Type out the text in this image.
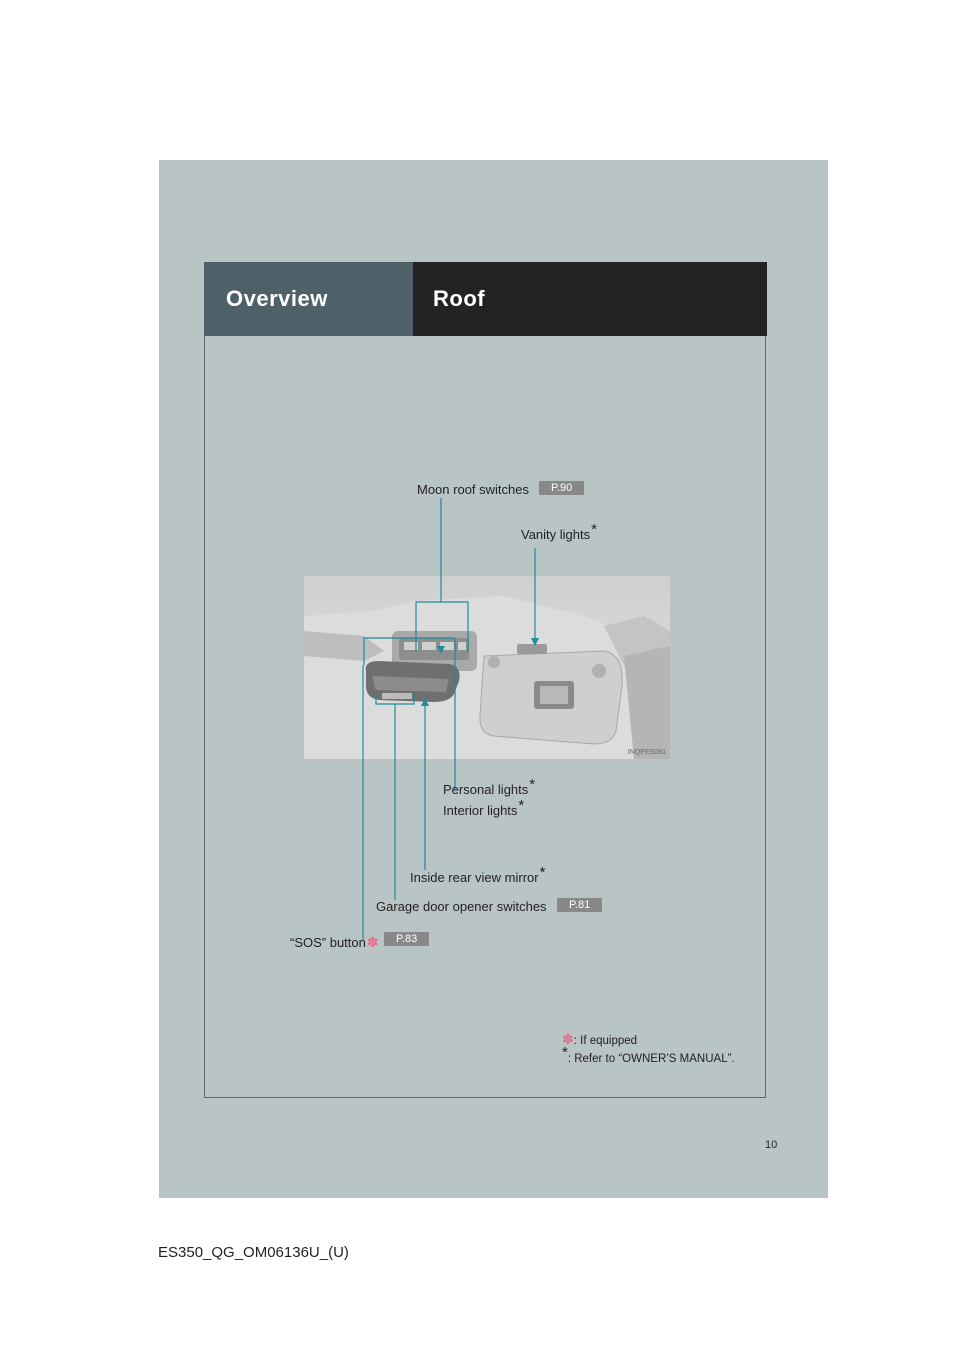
Overview	Roof
INQPES081
Moon roof switches	P.90
Vanity lights*
Personal lights*
Interior lights*
Inside rear view mirror*
Garage door opener switches	P.81
“SOS” button✽	P.83
✽: If equipped
*: Refer to “OWNER’S MANUAL”.
10
ES350_QG_OM06136U_(U)
